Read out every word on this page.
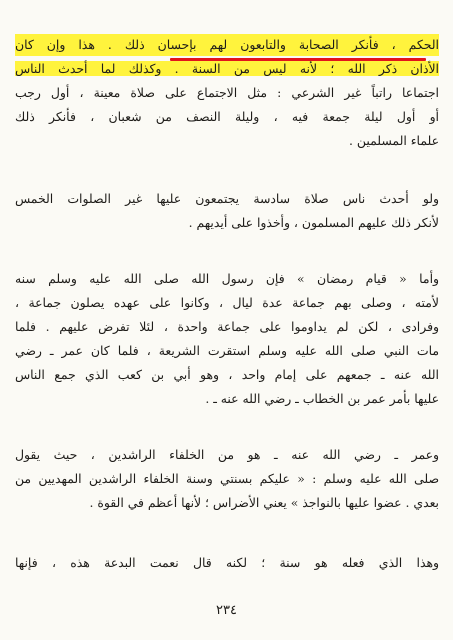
الحكم ، فأنكر الصحابة والتابعون لهم بإحسان ذلك . هذا وإن كان
الأذان ذكر الله ؛ لأنه ليس من السنة . وكذلك لما أحدث الناس
اجتماعا راتباً غير الشرعي : مثل الاجتماع على صلاة معينة ، أول رجب
أو أول ليلة جمعة فيه ، وليلة النصف من شعبان ، فأنكر ذلك
علماء المسلمين .
ولو أحدث ناس صلاة سادسة يجتمعون عليها غير الصلوات الخمس
لأنكر ذلك عليهم المسلمون ، وأخذوا على أيديهم .
وأما « قيام رمضان » فإن رسول الله صلى الله عليه وسلم سنه
لأمته ، وصلى بهم جماعة عدة ليال ، وكانوا على عهده يصلون جماعة ،
وفرادى ، لكن لم يداوموا على جماعة واحدة ، لئلا تفرض عليهم . فلما
مات النبي صلى الله عليه وسلم استقرت الشريعة ، فلما كان عمر ـ رضي
الله عنه ـ جمعهم على إمام واحد ، وهو أبي بن كعب الذي جمع الناس
عليها بأمر عمر بن الخطاب ـ رضي الله عنه ـ .
وعمر ـ رضي الله عنه ـ هو من الخلفاء الراشدين ، حيث يقول
صلى الله عليه وسلم : « عليكم بسنتي وسنة الخلفاء الراشدين المهديين من
بعدي . عضوا عليها بالنواجذ » يعني الأضراس ؛ لأنها أعظم في القوة .
وهذا الذي فعله هو سنة ؛ لكنه قال نعمت البدعة هذه ، فإنها
٢٣٤
